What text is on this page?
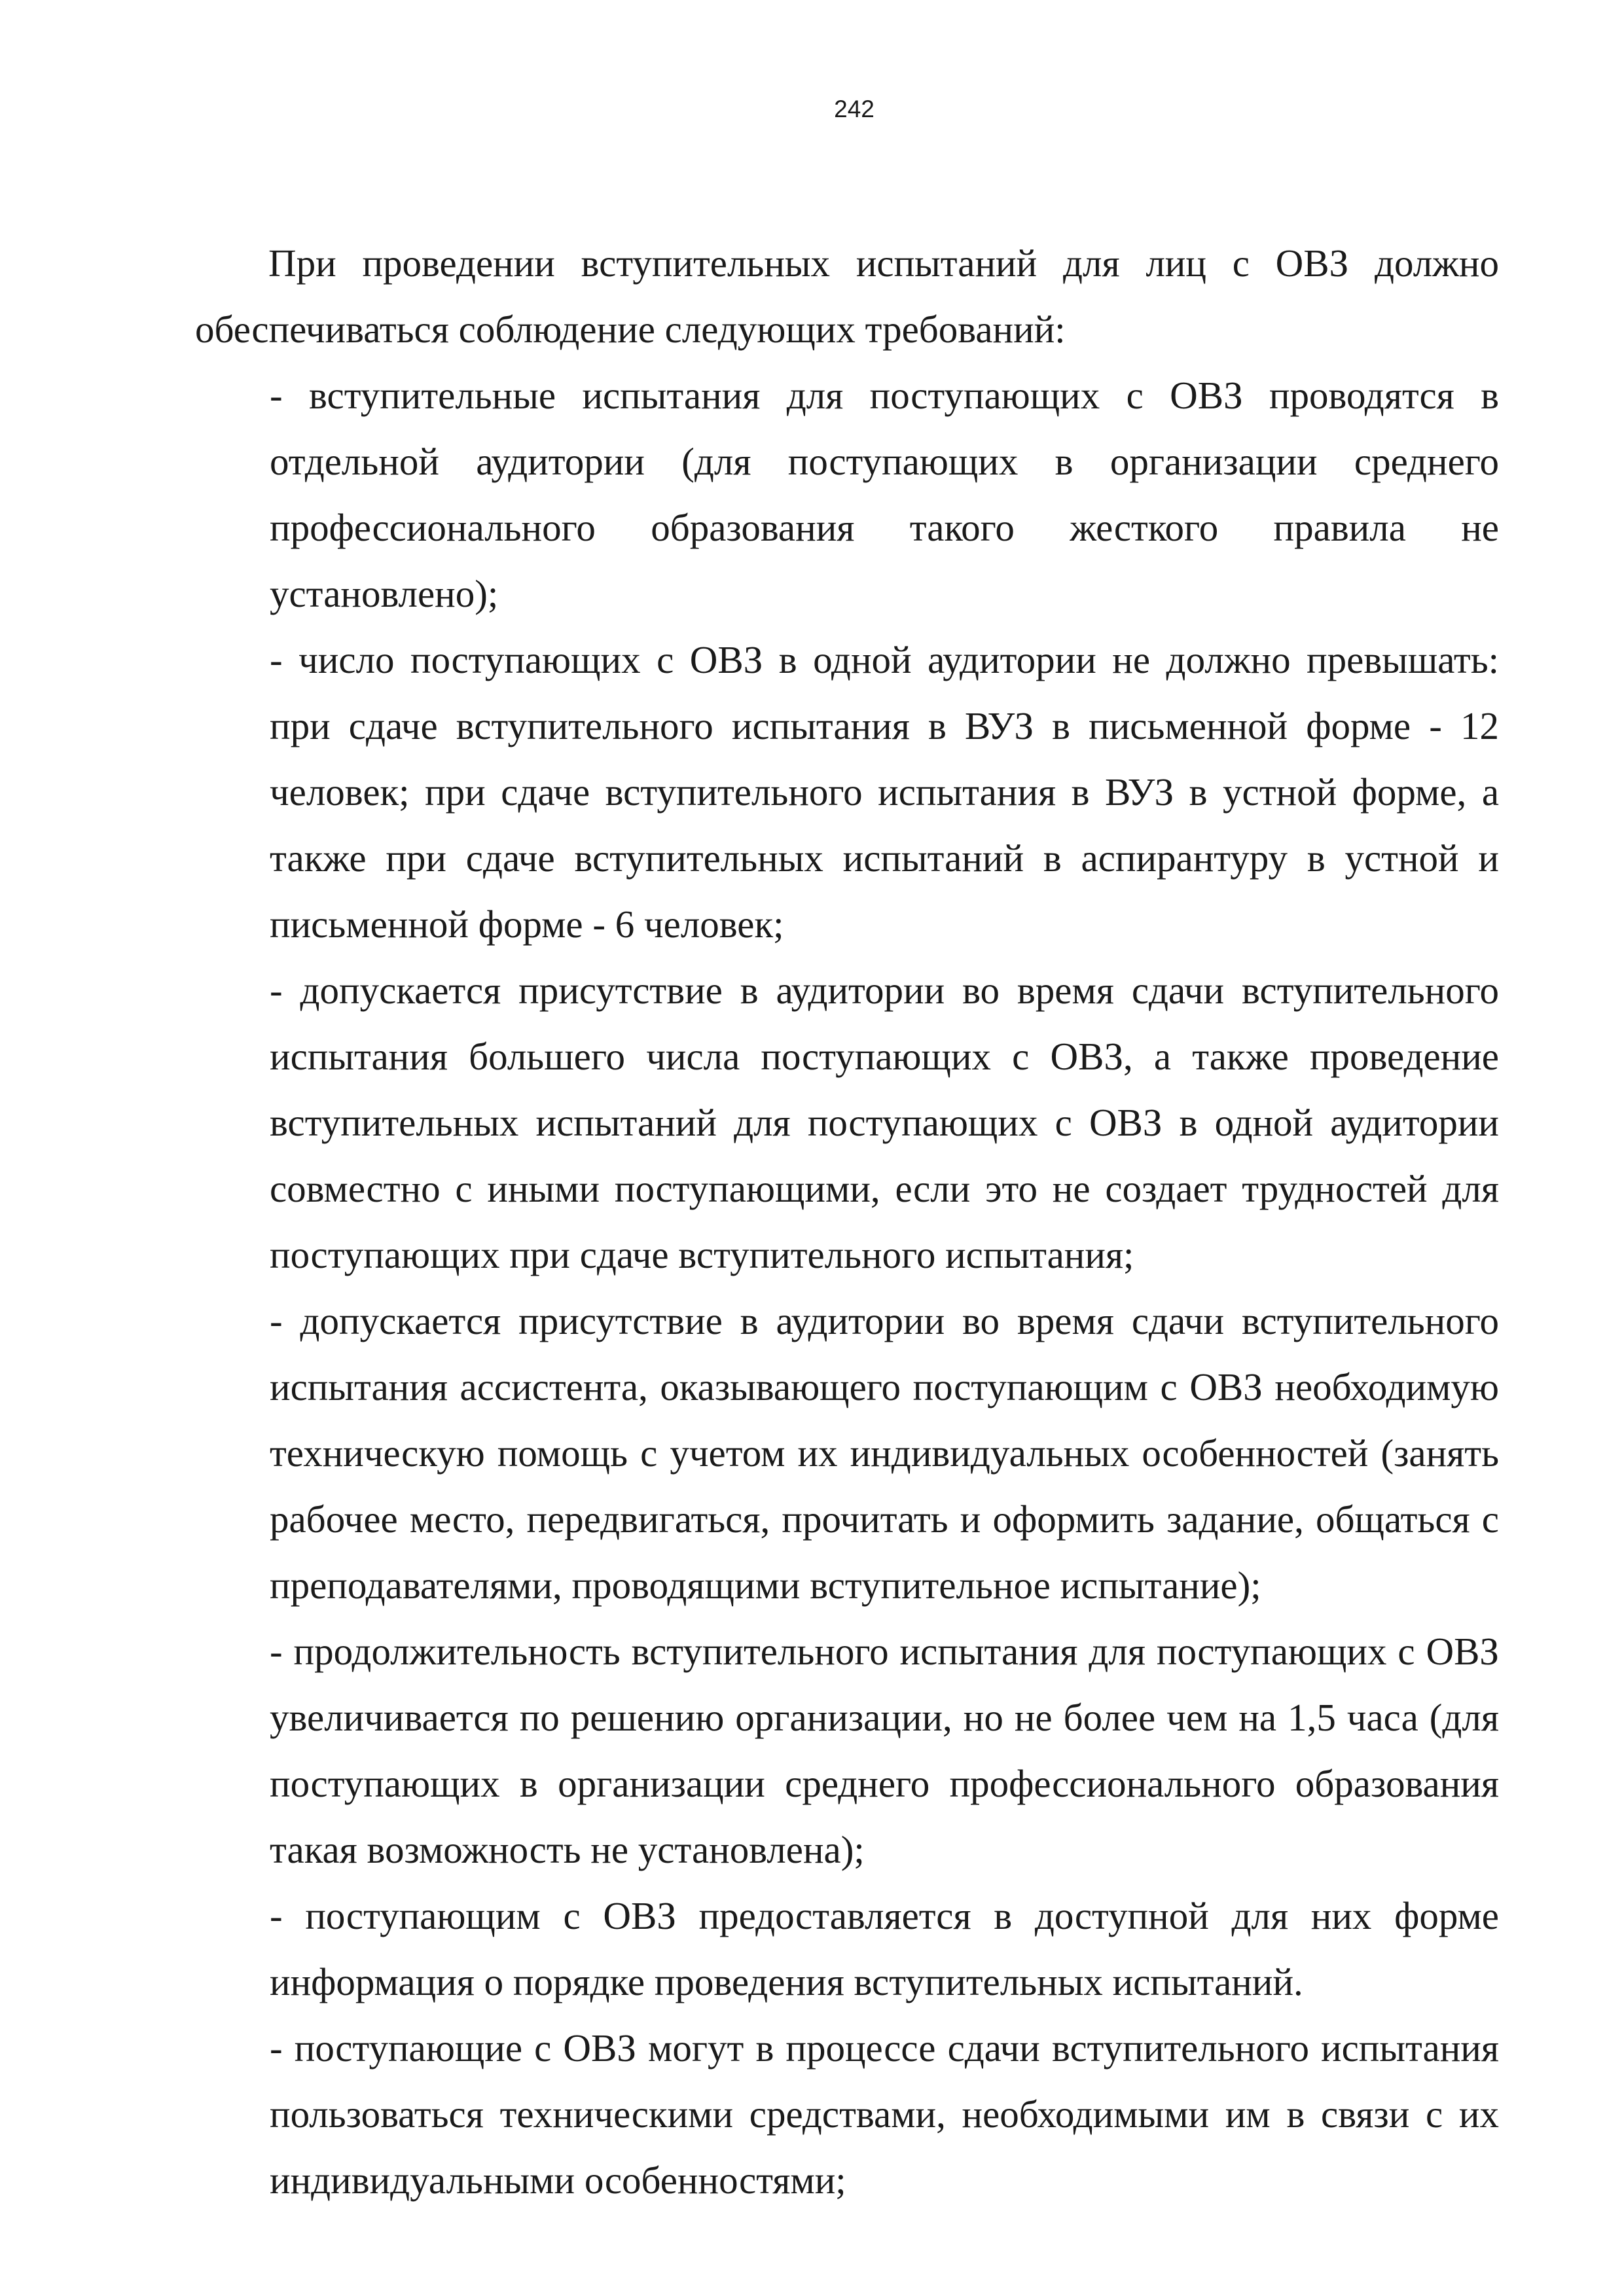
242

При проведении вступительных испытаний для лиц с ОВЗ должно обеспечиваться соблюдение следующих требований:

- вступительные испытания для поступающих с ОВЗ проводятся в отдельной аудитории (для поступающих в организации среднего профессионального образования такого жесткого правила не установлено);
- число поступающих с ОВЗ в одной аудитории не должно превышать: при сдаче вступительного испытания в ВУЗ в письменной форме - 12 человек; при сдаче вступительного испытания в ВУЗ в устной форме, а также при сдаче вступительных испытаний в аспирантуру в устной и письменной форме - 6 человек;
- допускается присутствие в аудитории во время сдачи вступительного испытания большего числа поступающих с ОВЗ, а также проведение вступительных испытаний для поступающих с ОВЗ в одной аудитории совместно с иными поступающими, если это не создает трудностей для поступающих при сдаче вступительного испытания;
- допускается присутствие в аудитории во время сдачи вступительного испытания ассистента, оказывающего поступающим с ОВЗ необходимую техническую помощь с учетом их индивидуальных особенностей (занять рабочее место, передвигаться, прочитать и оформить задание, общаться с преподавателями, проводящими вступительное испытание);
- продолжительность вступительного испытания для поступающих с ОВЗ увеличивается по решению организации, но не более чем на 1,5 часа (для поступающих в организации среднего профессионального образования такая возможность не установлена);
- поступающим с ОВЗ предоставляется в доступной для них форме информация о порядке проведения вступительных испытаний.
- поступающие с ОВЗ могут в процессе сдачи вступительного испытания пользоваться техническими средствами, необходимыми им в связи с их индивидуальными особенностями;
